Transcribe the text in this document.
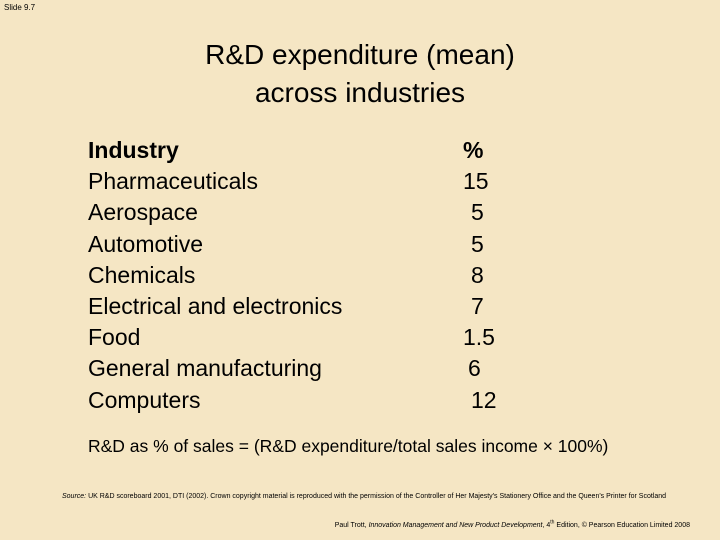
Slide 9.7
R&D expenditure (mean)
across industries
Industry	%
Pharmaceuticals	15
Aerospace	5
Automotive	5
Chemicals	8
Electrical and electronics	7
Food	1.5
General manufacturing	6
Computers	12
R&D as % of sales = (R&D expenditure/total sales income × 100%)
Source: UK R&D scoreboard 2001, DTI (2002). Crown copyright material is reproduced with the permission of the Controller of Her Majesty's Stationery Office and the Queen's Printer for Scotland
Paul Trott, Innovation Management and New Product Development, 4th Edition, © Pearson Education Limited 2008
